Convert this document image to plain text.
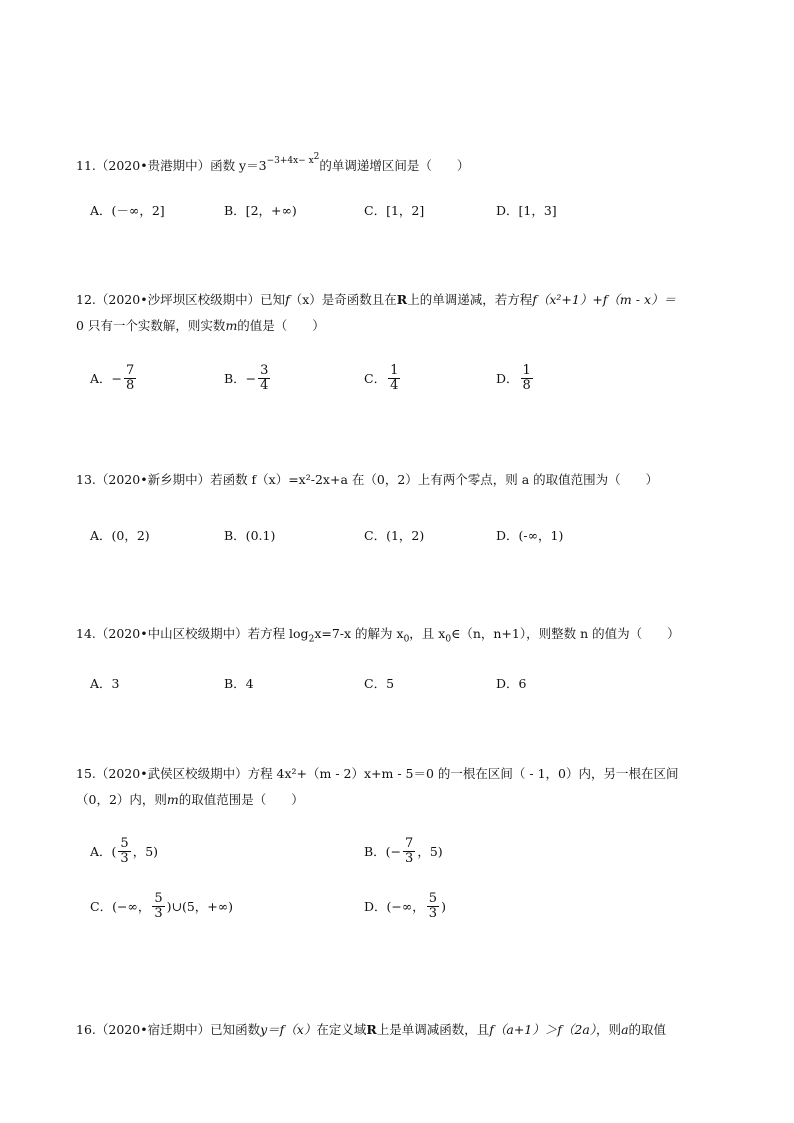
11.（2020•贵港期中）函数 $y=3^{-3+4x- x^2}$的单调递增区间是（　　）
A．(－∞，2]	B．[2，+∞)	C．[1，2]	D．[1，3]
12.（2020•沙坪坝区校级期中）已知f（x）是奇函数且在R上的单调递减，若方程f（x²+1）+f（m - x）＝
0 只有一个实数解，则实数m的值是（　　）
A．− $\frac{7}{8}$	B．− $\frac{3}{4}$	C． $\frac{1}{4}$	D． $\frac{1}{8}$
13.（2020•新乡期中）若函数 f（x）=x²-2x+a 在（0，2）上有两个零点，则 a 的取值范围为（　　）
A．(0，2)	B．(0.1)	C．(1，2)	D．(-∞，1)
14.（2020•中山区校级期中）若方程 $\log_2x=7-x$ 的解为 $x_0$，且 $x_0\in(n$，n+1），则整数 n 的值为（　　）
A．3	B．4	C．5	D．6
15.（2020•武侯区校级期中）方程 4x²+（m - 2）x+m - 5＝0 的一根在区间（ - 1，0）内，另一根在区间
（0，2）内，则m的取值范围是（　　）
A．( $\frac{5}{3}$ ，5)	B．(− $\frac{7}{3}$ ，5)
C．(−∞， $\frac{5}{3}$ )∪(5，+∞)	D．(−∞， $\frac{5}{3}$ )
16.（2020•宿迁期中）已知函数y＝f（x）在定义域R上是单调减函数，且f（a+1）＞f（2a），则a的取值
